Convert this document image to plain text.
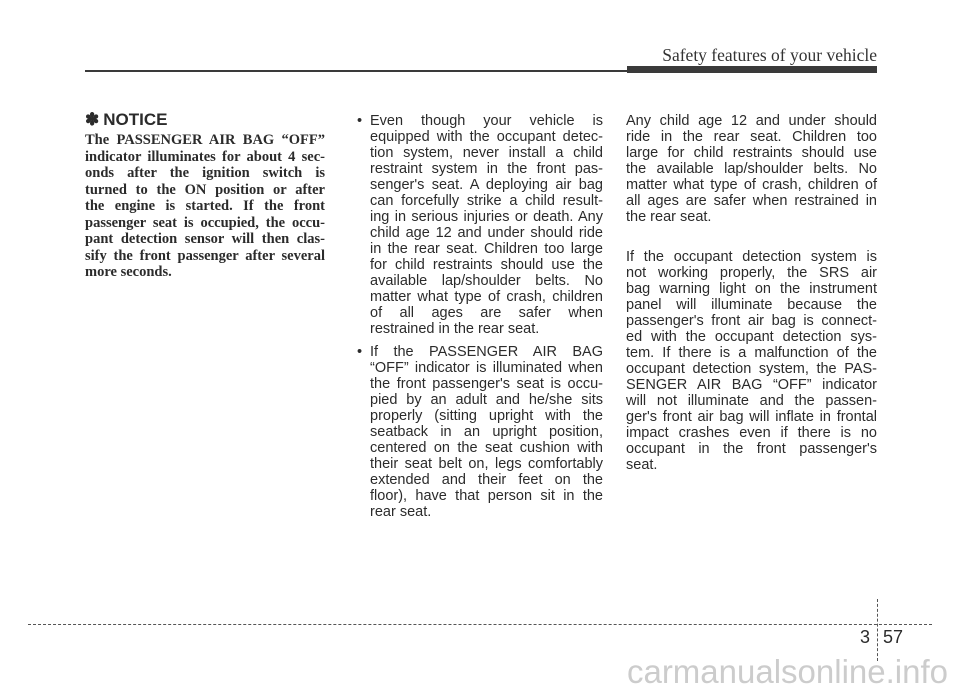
Safety features of your vehicle
✽ NOTICE
The PASSENGER AIR BAG “OFF”
indicator illuminates for about 4 sec-
onds after the ignition switch is
turned to the ON position or after
the engine is started. If the front
passenger seat is occupied, the occu-
pant detection sensor will then clas-
sify the front passenger after several
more seconds.
• Even though your vehicle is
equipped with the occupant detec-
tion system, never install a child
restraint system in the front pas-
senger's seat. A deploying air bag
can forcefully strike a child result-
ing in serious injuries or death. Any
child age 12 and under should ride
in the rear seat. Children too large
for child restraints should use the
available lap/shoulder belts. No
matter what type of crash, children
of all ages are safer when
restrained in the rear seat.
• If the PASSENGER AIR BAG
“OFF” indicator is illuminated when
the front passenger's seat is occu-
pied by an adult and he/she sits
properly (sitting upright with the
seatback in an upright position,
centered on the seat cushion with
their seat belt on, legs comfortably
extended and their feet on the
floor), have that person sit in the
rear seat.
Any child age 12 and under should
ride in the rear seat. Children too
large for child restraints should use
the available lap/shoulder belts. No
matter what type of crash, children of
all ages are safer when restrained in
the rear seat.
If the occupant detection system is
not working properly, the SRS air
bag warning light on the instrument
panel will illuminate because the
passenger's front air bag is connect-
ed with the occupant detection sys-
tem. If there is a malfunction of the
occupant detection system, the PAS-
SENGER AIR BAG “OFF” indicator
will not illuminate and the passen-
ger's front air bag will inflate in frontal
impact crashes even if there is no
occupant in the front passenger's
seat.
3 57
carmanualsonline.info
